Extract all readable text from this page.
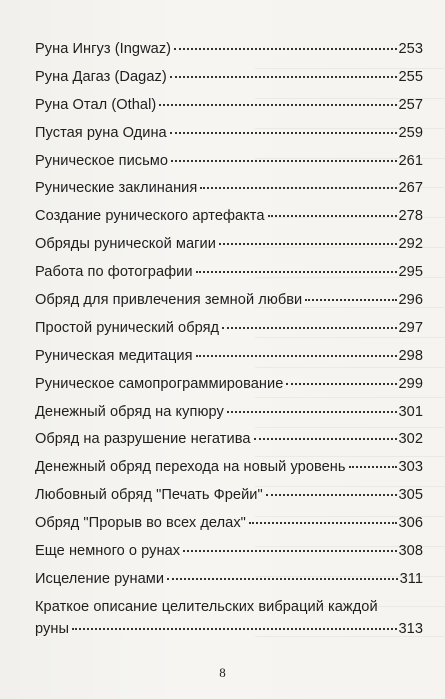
Руна Ингуз (Ingwaz)	253
Руна Дагаз (Dagaz)	255
Руна Отал (Othal)	257
Пустая руна Одина	259
Руническое письмо	261
Рунические заклинания	267
Создание рунического артефакта	278
Обряды рунической магии	292
Работа по фотографии	295
Обряд для привлечения земной любви	296
Простой рунический обряд	297
Руническая медитация	298
Руническое самопрограммирование	299
Денежный обряд на купюру	301
Обряд на разрушение негатива	302
Денежный обряд перехода на новый уровень	303
Любовный обряд "Печать Фрейи"	305
Обряд "Прорыв во всех делах"	306
Еще немного о рунах	308
Исцеление рунами	311
Краткое описание целительских вибраций каждой
руны	313
8
